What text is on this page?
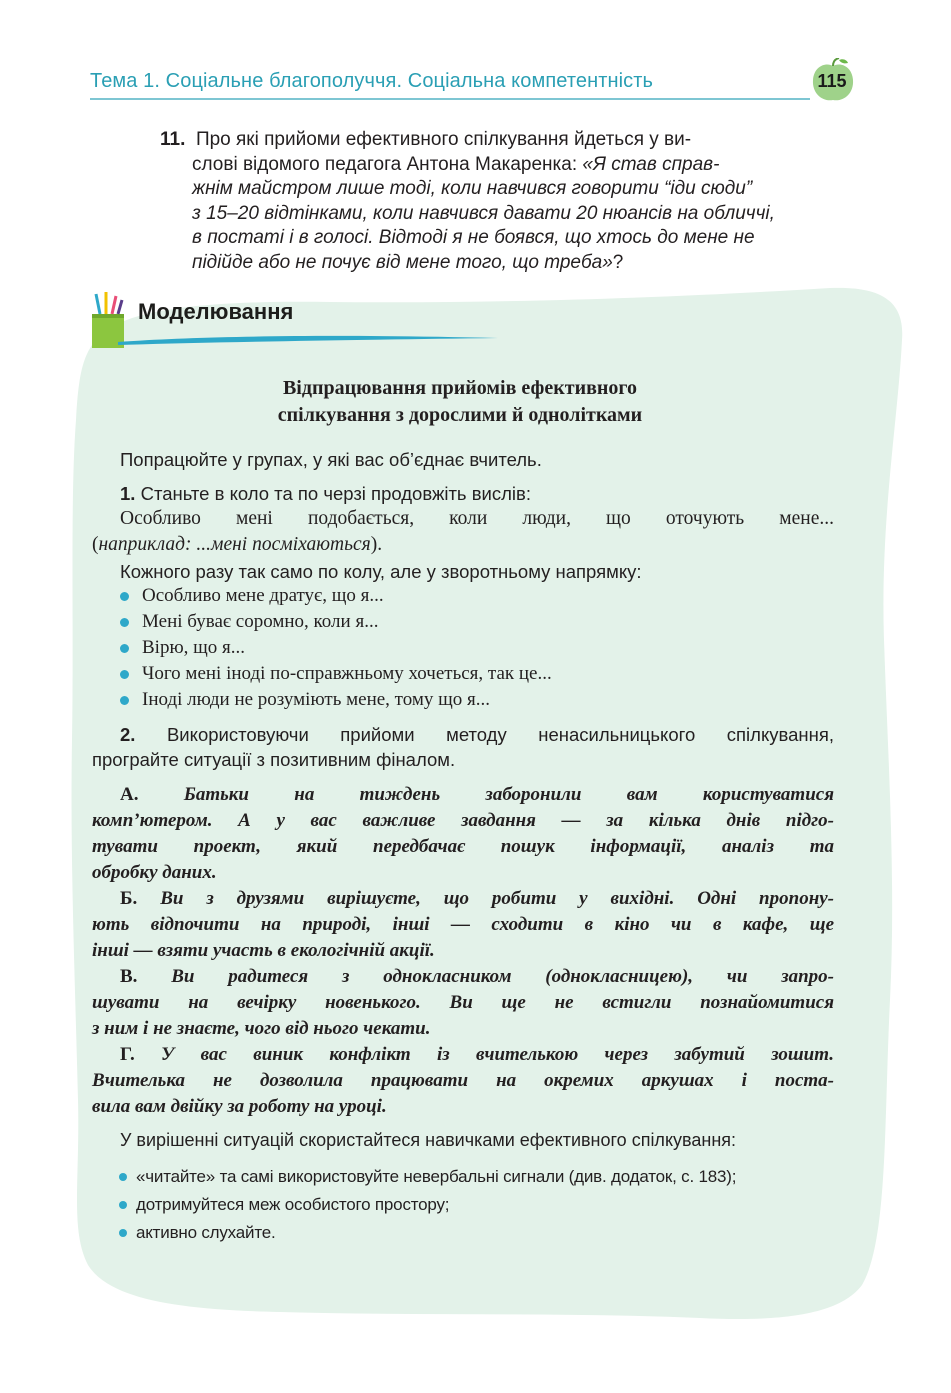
Тема 1. Соціальне благополуччя. Соціальна компетентність	115
11. Про які прийоми ефективного спілкування йдеться у ви-
слові відомого педагога Антона Макаренка: «Я став справ-
жнім майстром лише тоді, коли навчився говорити “іди сюди”
з 15–20 відтінками, коли навчився давати 20 нюансів на обличчі,
в постаті і в голосі. Відтоді я не боявся, що хтось до мене не
підійде або не почує від мене того, що треба»?
Моделювання
Відпрацювання прийомів ефективного
спілкування з дорослими й однолітками
Попрацюйте у групах, у які вас об’єднає вчитель.
1. Станьте в коло та по черзі продовжіть вислів:
Особливо мені подобається, коли люди, що оточують мене...
(наприклад: ...мені посміхаються).
Кожного разу так само по колу, але у зворотньому напрямку:
Особливо мене дратує, що я...
Мені буває соромно, коли я...
Вірю, що я...
Чого мені іноді по-справжньому хочеться, так це...
Іноді люди не розуміють мене, тому що я...
2. Використовуючи прийоми методу ненасильницького спілкування,
програйте ситуації з позитивним фіналом.
А. Батьки на тиждень заборонили вам користуватися
комп’ютером. А у вас важливе завдання — за кілька днів підго-
тувати проект, який передбачає пошук інформації, аналіз та
обробку даних.
Б. Ви з друзями вирішуєте, що робити у вихідні. Одні пропону-
ють відпочити на природі, інші — сходити в кіно чи в кафе, ще
інші — взяти участь в екологічній акції.
В. Ви радитеся з однокласником (однокласницею), чи запро-
шувати на вечірку новенького. Ви ще не встигли познайомитися
з ним і не знаєте, чого від нього чекати.
Г. У вас виник конфлікт із вчителькою через забутий зошит.
Вчителька не дозволила працювати на окремих аркушах і поста-
вила вам двійку за роботу на уроці.
У вирішенні ситуацій скористайтеся навичками ефективного спілкування:
«читайте» та самі використовуйте невербальні сигнали (див. додаток, с. 183);
дотримуйтеся меж особистого простору;
активно слухайте.
